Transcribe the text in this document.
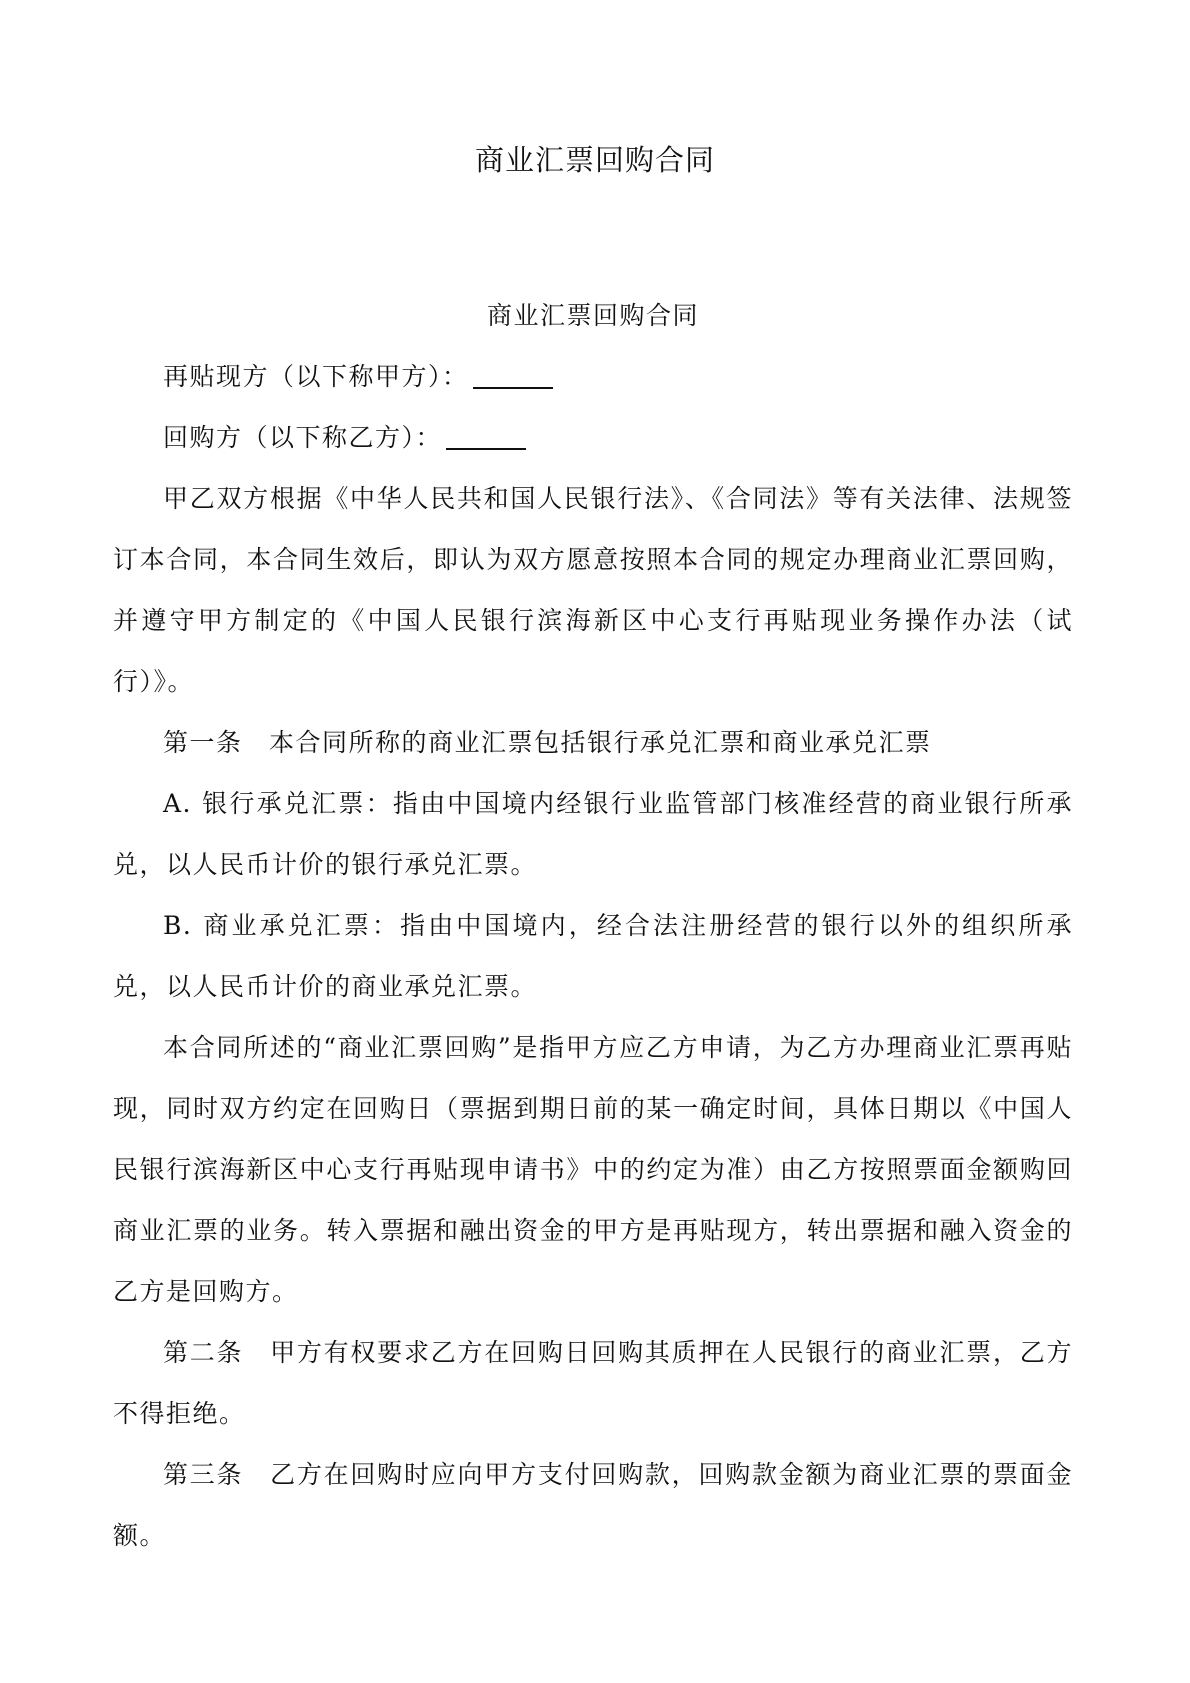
商业汇票回购合同
商业汇票回购合同

再贴现方（以下称甲方）：

回购方（以下称乙方）：

甲乙双方根据《中华人民共和国人民银行法》、《合同法》等有关法律、法规签订本合同，本合同生效后，即认为双方愿意按照本合同的规定办理商业汇票回购，并遵守甲方制定的《中国人民银行滨海新区中心支行再贴现业务操作办法（试行）》。

第一条　本合同所称的商业汇票包括银行承兑汇票和商业承兑汇票

A. 银行承兑汇票：指由中国境内经银行业监管部门核准经营的商业银行所承兑，以人民币计价的银行承兑汇票。

B. 商业承兑汇票：指由中国境内，经合法注册经营的银行以外的组织所承兑，以人民币计价的商业承兑汇票。

本合同所述的“商业汇票回购”是指甲方应乙方申请，为乙方办理商业汇票再贴现，同时双方约定在回购日（票据到期日前的某一确定时间，具体日期以《中国人民银行滨海新区中心支行再贴现申请书》中的约定为准）由乙方按照票面金额购回商业汇票的业务。转入票据和融出资金的甲方是再贴现方，转出票据和融入资金的乙方是回购方。

第二条　甲方有权要求乙方在回购日回购其质押在人民银行的商业汇票，乙方不得拒绝。

第三条　乙方在回购时应向甲方支付回购款，回购款金额为商业汇票的票面金额。
